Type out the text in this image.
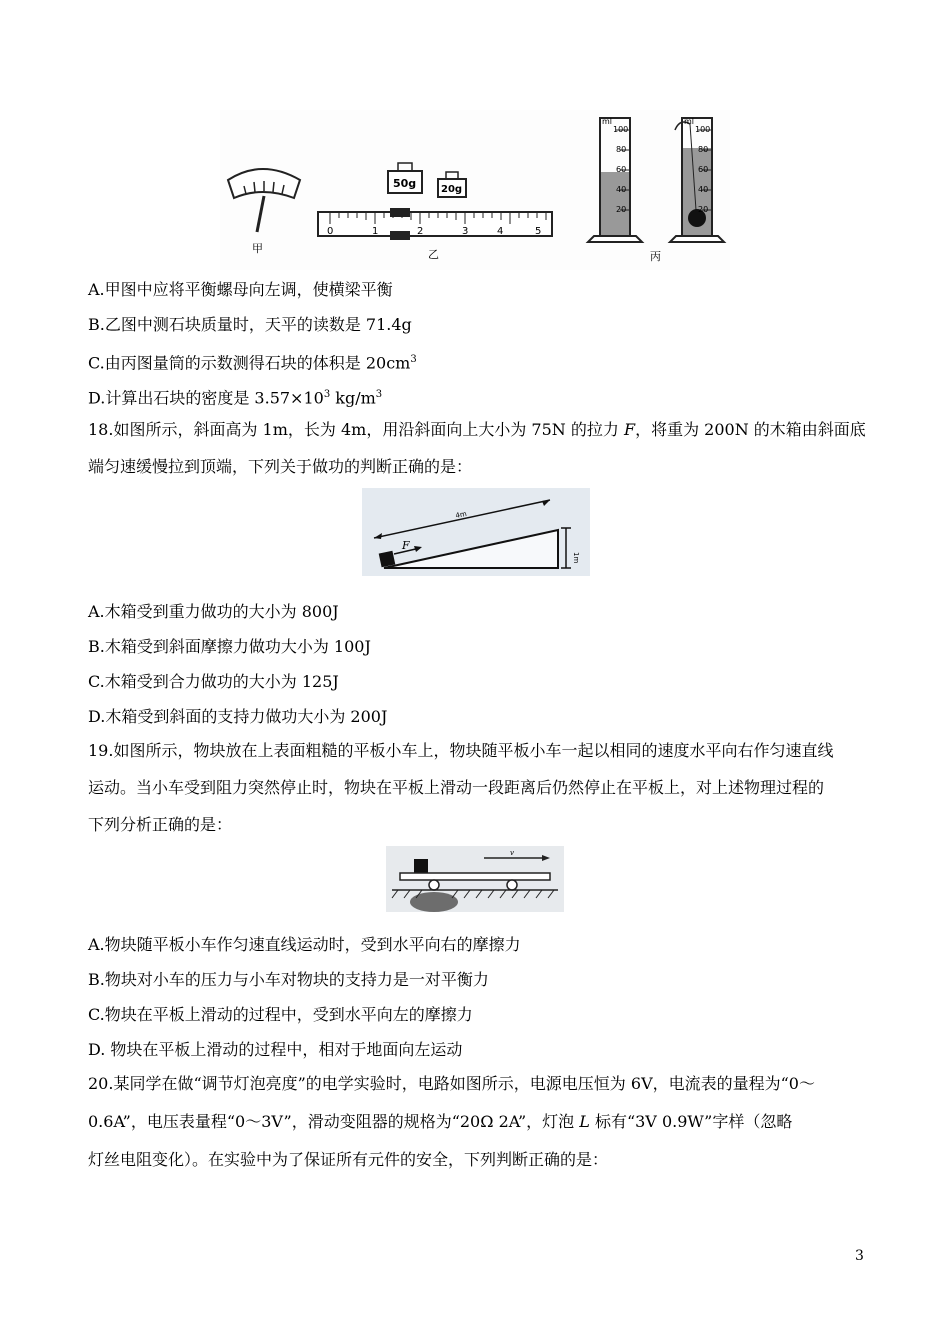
甲
50g 20g
0	1	2	3	4	5
乙
ml
100
80
60
40
20
ml
100
80
60
40
20
丙
A.甲图中应将平衡螺母向左调，使横梁平衡
B.乙图中测石块质量时，天平的读数是 71.4g
C.由丙图量筒的示数测得石块的体积是 $20cm^3$
D.计算出石块的密度是 $3.57\times 10^3$ $kg/m^3$
18.如图所示，斜面高为 1m，长为 4m，用沿斜面向上大小为 75N 的拉力 F，将重为 200N 的木箱由斜面底
端匀速缓慢拉到顶端，下列关于做功的判断正确的是：
4m
1m
F
A.木箱受到重力做功的大小为 800J
B.木箱受到斜面摩擦力做功大小为 100J
C.木箱受到合力做功的大小为 125J
D.木箱受到斜面的支持力做功大小为 200J
19.如图所示，物块放在上表面粗糙的平板小车上，物块随平板小车一起以相同的速度水平向右作匀速直线
运动。当小车受到阻力突然停止时，物块在平板上滑动一段距离后仍然停止在平板上，对上述物理过程的
下列分析正确的是：
v
A.物块随平板小车作匀速直线运动时，受到水平向右的摩擦力
B.物块对小车的压力与小车对物块的支持力是一对平衡力
C.物块在平板上滑动的过程中，受到水平向左的摩擦力
D. 物块在平板上滑动的过程中，相对于地面向左运动
20.某同学在做“调节灯泡亮度”的电学实验时，电路如图所示，电源电压恒为 6V，电流表的量程为“0～
0.6A”，电压表量程“0～3V”，滑动变阻器的规格为“20Ω 2A”，灯泡 L 标有“3V 0.9W”字样（忽略
灯丝电阻变化）。在实验中为了保证所有元件的安全，下列判断正确的是：
3
